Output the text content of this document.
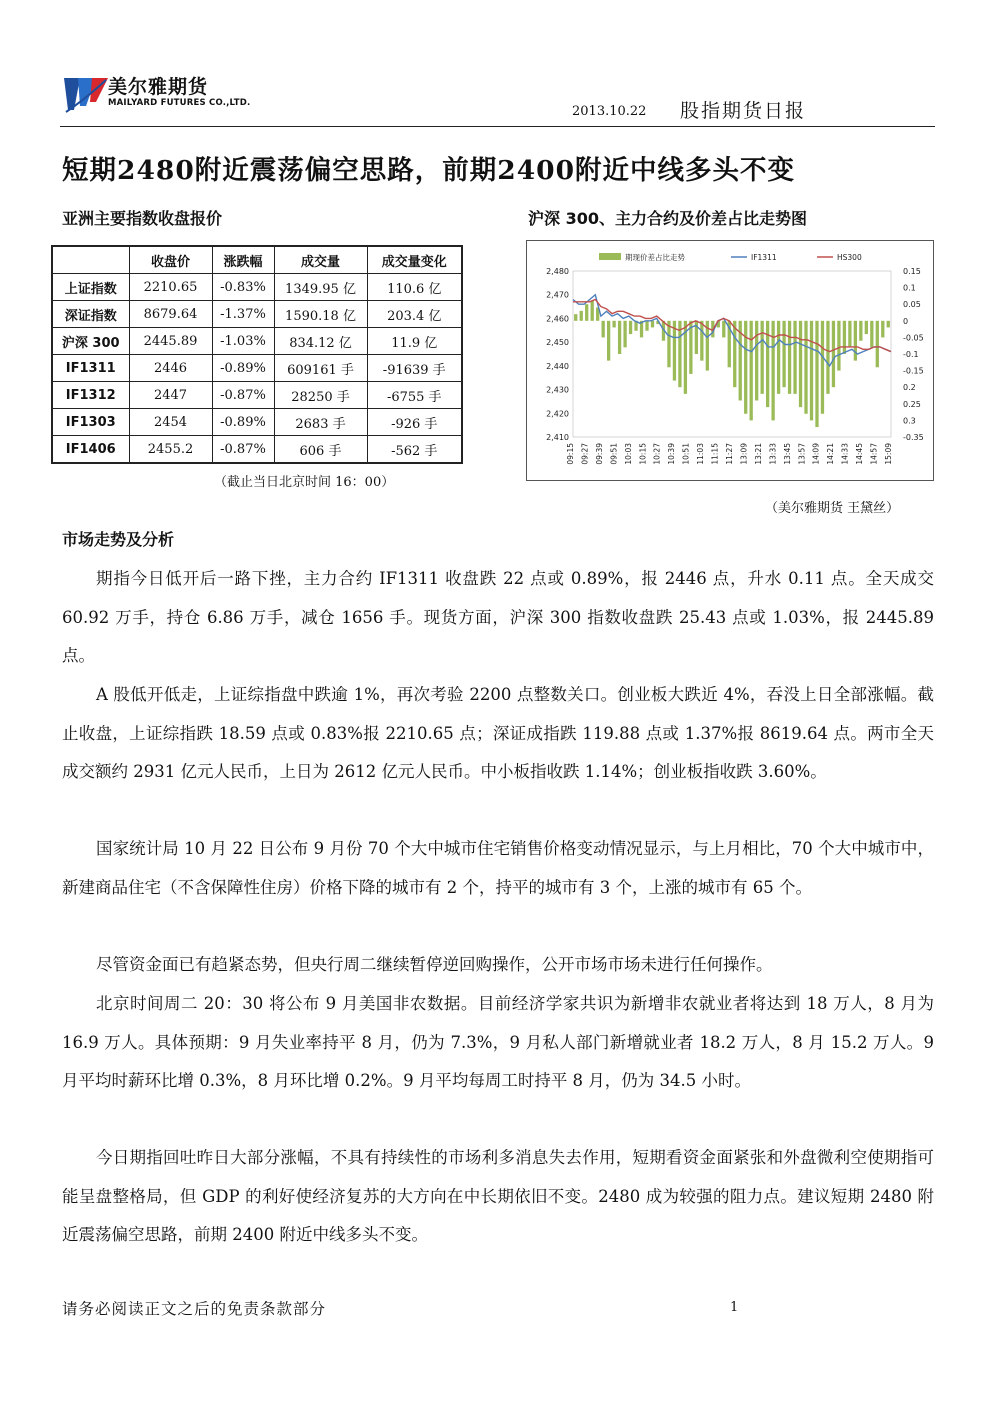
美尔雅期货
MAILYARD FUTURES CO.,LTD.
2013.10.22 股指期货日报
短期2480附近震荡偏空思路，前期2400附近中线多头不变
亚洲主要指数收盘报价
	收盘价	涨跌幅	成交量	成交量变化
上证指数	2210.65	-0.83%	1349.95 亿	110.6 亿
深证指数	8679.64	-1.37%	1590.18 亿	203.4 亿
沪深 300	2445.89	-1.03%	834.12 亿	11.9 亿
IF1311	2446	-0.89%	609161 手	-91639 手
IF1312	2447	-0.87%	28250 手	-6755 手
IF1303	2454	-0.89%	2683 手	-926 手
IF1406	2455.2	-0.87%	606 手	-562 手
（截止当日北京时间 16：00）
沪深 300、主力合约及价差占比走势图
期现价差占比走势	IF1311	HS300
2,480
2,470
2,460
2,450
2,440
2,430
2,420
2,410
0.15
0.1
0.05
0
-0.05
-0.1
-0.15
0.2
0.25
0.3
-0.35
09:15 09:27 09:39 09:51 10:03 10:15 10:27 10:39 10:51 11:03 11:15 11:27 13:09 13:21 13:33 13:45 13:57 14:09 14:21 14:33 14:45 14:57 15:09
（美尔雅期货 王黛丝）
市场走势及分析
期指今日低开后一路下挫，主力合约 IF1311 收盘跌 22 点或 0.89%，报 2446 点，升水 0.11 点。全天成交 60.92 万手，持仓 6.86 万手，减仓 1656 手。现货方面，沪深 300 指数收盘跌 25.43 点或 1.03%，报 2445.89 点。
A 股低开低走，上证综指盘中跌逾 1%，再次考验 2200 点整数关口。创业板大跌近 4%，吞没上日全部涨幅。截止收盘，上证综指跌 18.59 点或 0.83%报 2210.65 点；深证成指跌 119.88 点或 1.37%报 8619.64 点。两市全天成交额约 2931 亿元人民币，上日为 2612 亿元人民币。中小板指收跌 1.14%；创业板指收跌 3.60%。
国家统计局 10 月 22 日公布 9 月份 70 个大中城市住宅销售价格变动情况显示，与上月相比，70 个大中城市中，新建商品住宅（不含保障性住房）价格下降的城市有 2 个，持平的城市有 3 个，上涨的城市有 65 个。
尽管资金面已有趋紧态势，但央行周二继续暂停逆回购操作，公开市场市场未进行任何操作。
北京时间周二 20：30 将公布 9 月美国非农数据。目前经济学家共识为新增非农就业者将达到 18 万人，8 月为 16.9 万人。具体预期：9 月失业率持平 8 月，仍为 7.3%，9 月私人部门新增就业者 18.2 万人，8 月 15.2 万人。9 月平均时薪环比增 0.3%，8 月环比增 0.2%。9 月平均每周工时持平 8 月，仍为 34.5 小时。
今日期指回吐昨日大部分涨幅，不具有持续性的市场利多消息失去作用，短期看资金面紧张和外盘微利空使期指可能呈盘整格局，但 GDP 的利好使经济复苏的大方向在中长期依旧不变。2480 成为较强的阻力点。建议短期 2480 附近震荡偏空思路，前期 2400 附近中线多头不变。
请务必阅读正文之后的免责条款部分	1
